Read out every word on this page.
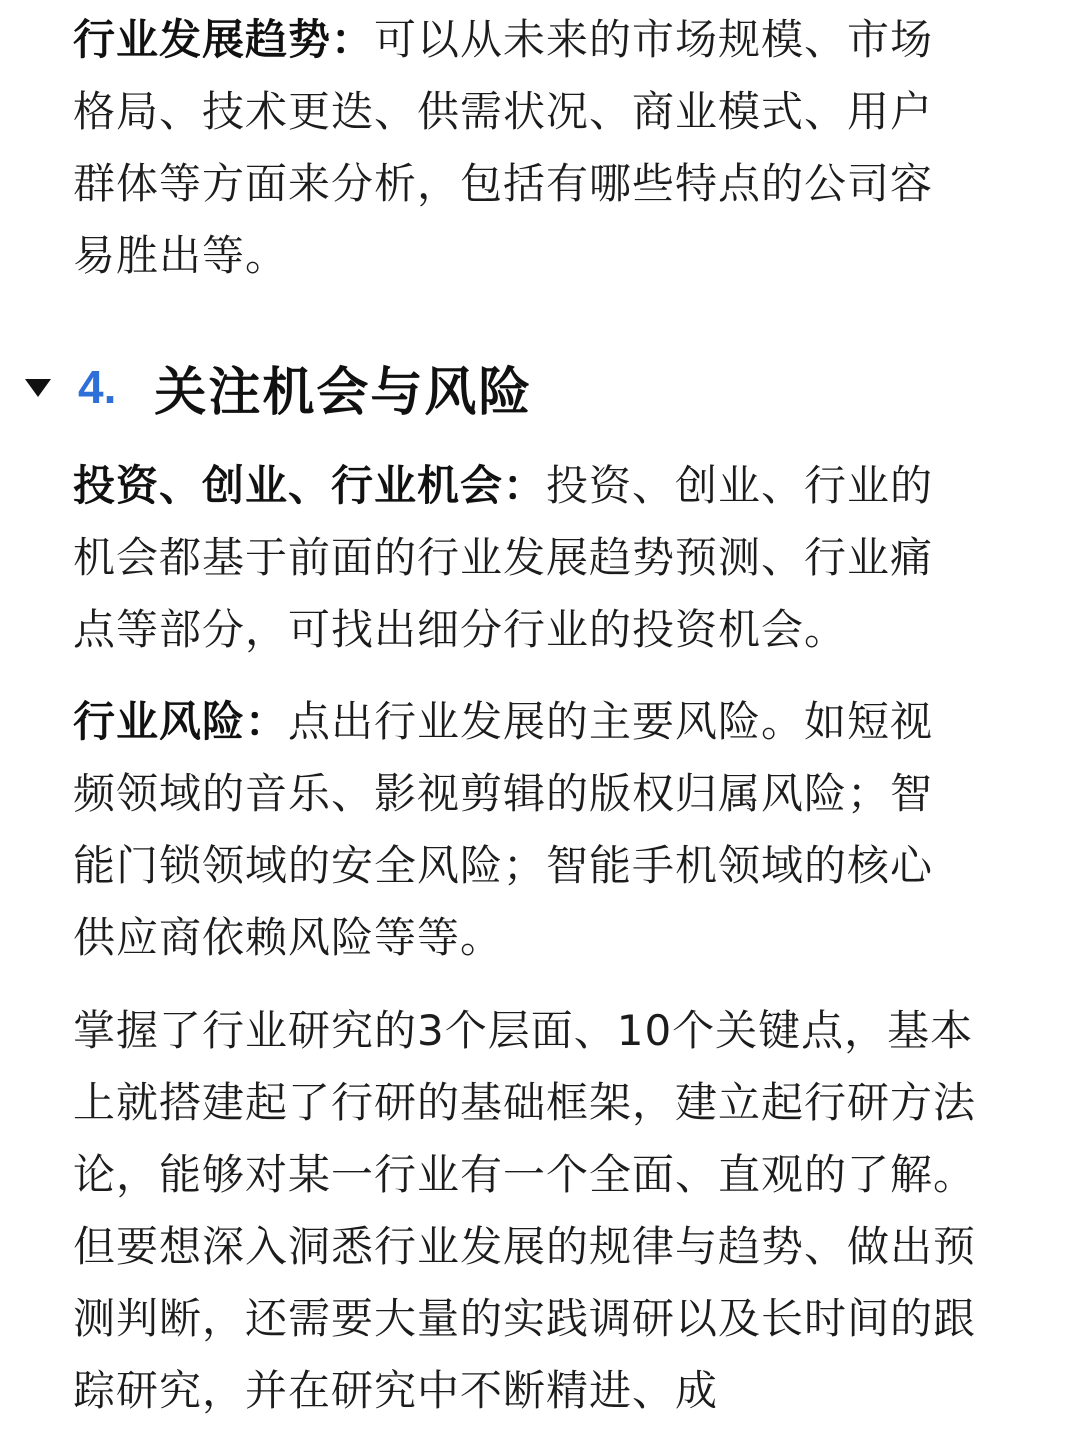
行业发展趋势：可以从未来的市场规模、市场格局、技术更迭、供需状况、商业模式、用户群体等方面来分析，包括有哪些特点的公司容易胜出等。

4. 关注机会与风险

投资、创业、行业机会：投资、创业、行业的机会都基于前面的行业发展趋势预测、行业痛点等部分，可找出细分行业的投资机会。

行业风险：点出行业发展的主要风险。如短视频领域的音乐、影视剪辑的版权归属风险；智能门锁领域的安全风险；智能手机领域的核心供应商依赖风险等等。

掌握了行业研究的3个层面、10个关键点，基本上就搭建起了行研的基础框架，建立起行研方法论，能够对某一行业有一个全面、直观的了解。但要想深入洞悉行业发展的规律与趋势、做出预测判断，还需要大量的实践调研以及长时间的跟踪研究，并在研究中不断精进、成
